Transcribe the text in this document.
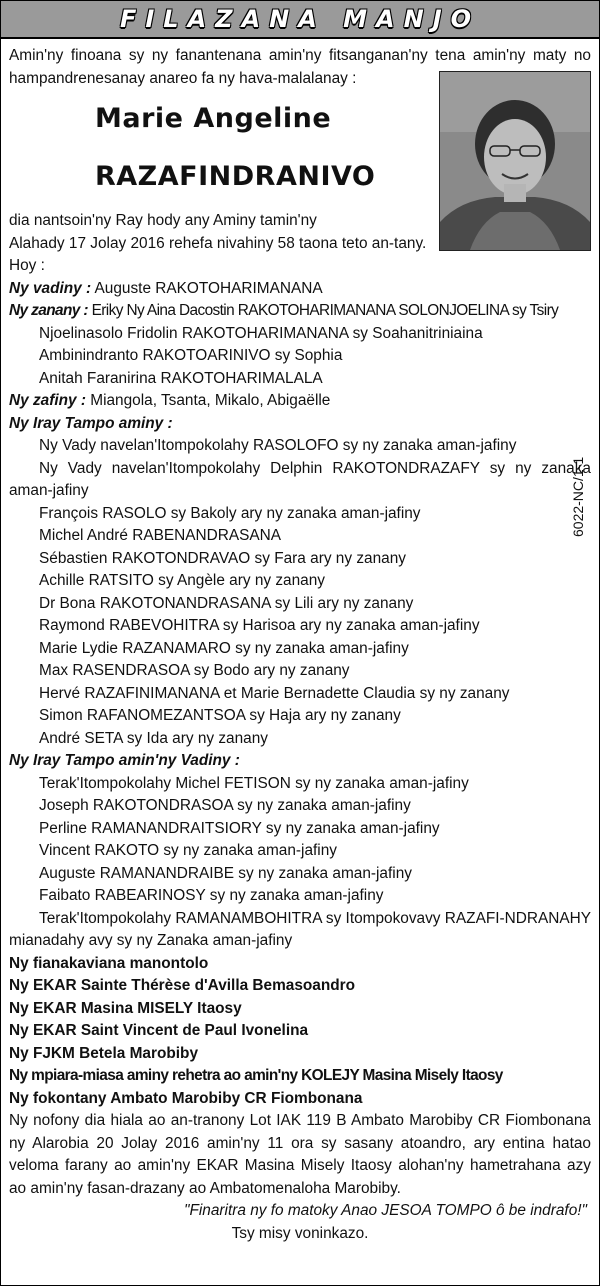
FILAZANA MANJO

Amin'ny finoana sy ny fanantenana amin'ny fitsanganan'ny tena amin'ny maty no hampandrenesanay anareo fa ny hava-malalanay :

Marie Angeline
RAZAFINDRANIVO

dia nantsoin'ny Ray hody any Aminy tamin'ny

Alahady 17 Jolay 2016 rehefa nivahiny 58 taona teto an-tany.

Hoy :

Ny vadiny : Auguste RAKOTOHARIMANANA

Ny zanany : Eriky Ny Aina Dacostin RAKOTOHARIMANANA SOLONJOELINA sy Tsiry

Njoelinasolo Fridolin RAKOTOHARIMANANA sy Soahanitriniaina

Ambinindranto RAKOTOARINIVO sy Sophia

Anitah Faranirina RAKOTOHARIMALALA

Ny zafiny : Miangola, Tsanta, Mikalo, Abigaëlle

Ny Iray Tampo aminy :

Ny Vady navelan'Itompokolahy RASOLOFO sy ny zanaka aman-jafiny

Ny Vady navelan'Itompokolahy Delphin RAKOTONDRAZAFY sy ny zanaka aman-jafiny

François RASOLO sy Bakoly ary ny zanaka aman-jafiny

Michel André RABENANDRASANA

Sébastien RAKOTONDRAVAO sy Fara ary ny zanany

Achille RATSITO sy Angèle ary ny zanany

Dr Bona RAKOTONANDRASANA sy Lili ary ny zanany

Raymond RABEVOHITRA sy Harisoa ary ny zanaka aman-jafiny

Marie Lydie RAZANAMARO sy ny zanaka aman-jafiny

Max RASENDRASOA sy Bodo ary ny zanany

Hervé RAZAFINIMANANA et Marie Bernadette Claudia sy ny zanany

Simon RAFANOMEZANTSOA sy Haja ary ny zanany

André SETA sy Ida ary ny zanany

Ny Iray Tampo amin'ny Vadiny :

Terak'Itompokolahy Michel FETISON sy ny zanaka aman-jafiny

Joseph RAKOTONDRASOA sy ny zanaka aman-jafiny

Perline RAMANANDRAITSIORY sy ny zanaka aman-jafiny

Vincent RAKOTO sy ny zanaka aman-jafiny

Auguste RAMANANDRAIBE sy ny zanaka aman-jafiny

Faibato RABEARINOSY sy ny zanaka aman-jafiny

Terak'Itompokolahy RAMANAMBOHITRA sy Itompokovavy RAZAFI-NDRANAHY mianadahy avy sy ny Zanaka aman-jafiny

Ny fianakaviana manontolo

Ny EKAR Sainte Thérèse d'Avilla Bemasoandro

Ny EKAR Masina MISELY Itaosy

Ny EKAR Saint Vincent de Paul Ivonelina

Ny FJKM Betela Marobiby

Ny mpiara-miasa aminy rehetra ao amin'ny KOLEJY Masina Misely Itaosy

Ny fokontany Ambato Marobiby CR Fiombonana

Ny nofony dia hiala ao an-tranony Lot IAK 119 B Ambato Marobiby CR Fiombonana ny Alarobia 20 Jolay 2016 amin'ny 11 ora sy sasany atoandro, ary entina hatao veloma farany ao amin'ny EKAR Masina Misely Itaosy alohan'ny hametrahana azy ao amin'ny fasan-drazany ao Ambatomenaloha Marobiby.

"Finaritra ny fo matoky Anao JESOA TOMPO ô be indrafo!"

Tsy misy voninkazo.

6022-NC/1-1
